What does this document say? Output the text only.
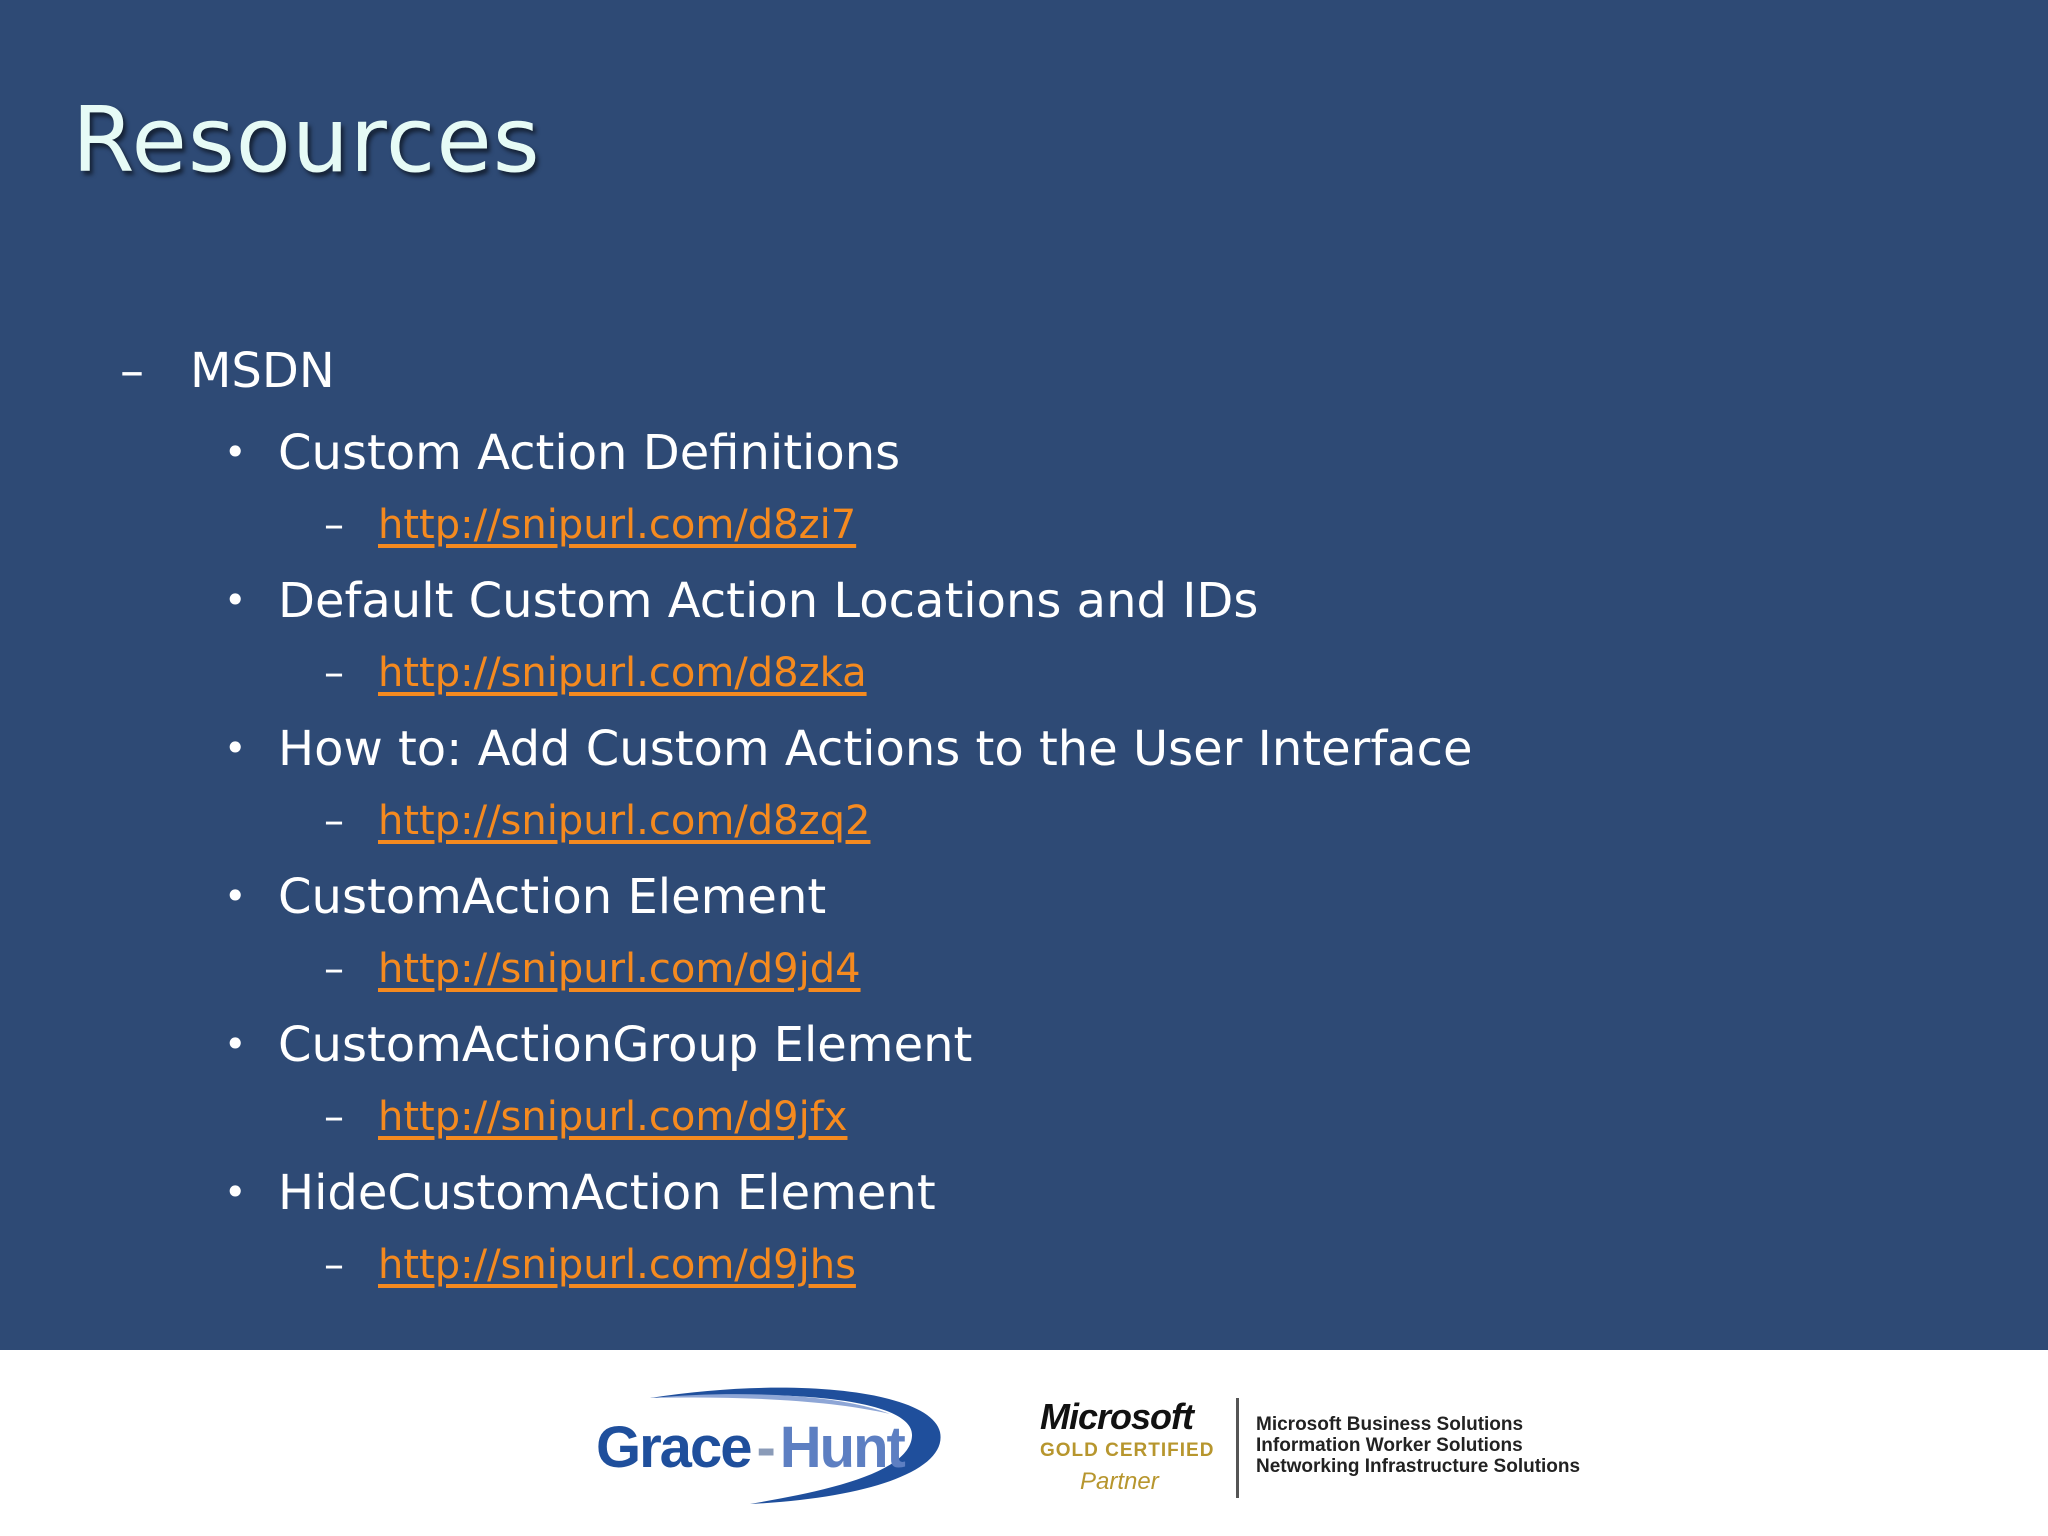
Resources
– MSDN
• Custom Action Definitions
– http://snipurl.com/d8zi7
• Default Custom Action Locations and IDs
– http://snipurl.com/d8zka
• How to: Add Custom Actions to the User Interface
– http://snipurl.com/d8zq2
• CustomAction Element
– http://snipurl.com/d9jd4
• CustomActionGroup Element
– http://snipurl.com/d9jfx
• HideCustomAction Element
– http://snipurl.com/d9jhs
Grace - Hunt	Microsoft
GOLD CERTIFIED
Partner
Microsoft Business Solutions
Information Worker Solutions
Networking Infrastructure Solutions
